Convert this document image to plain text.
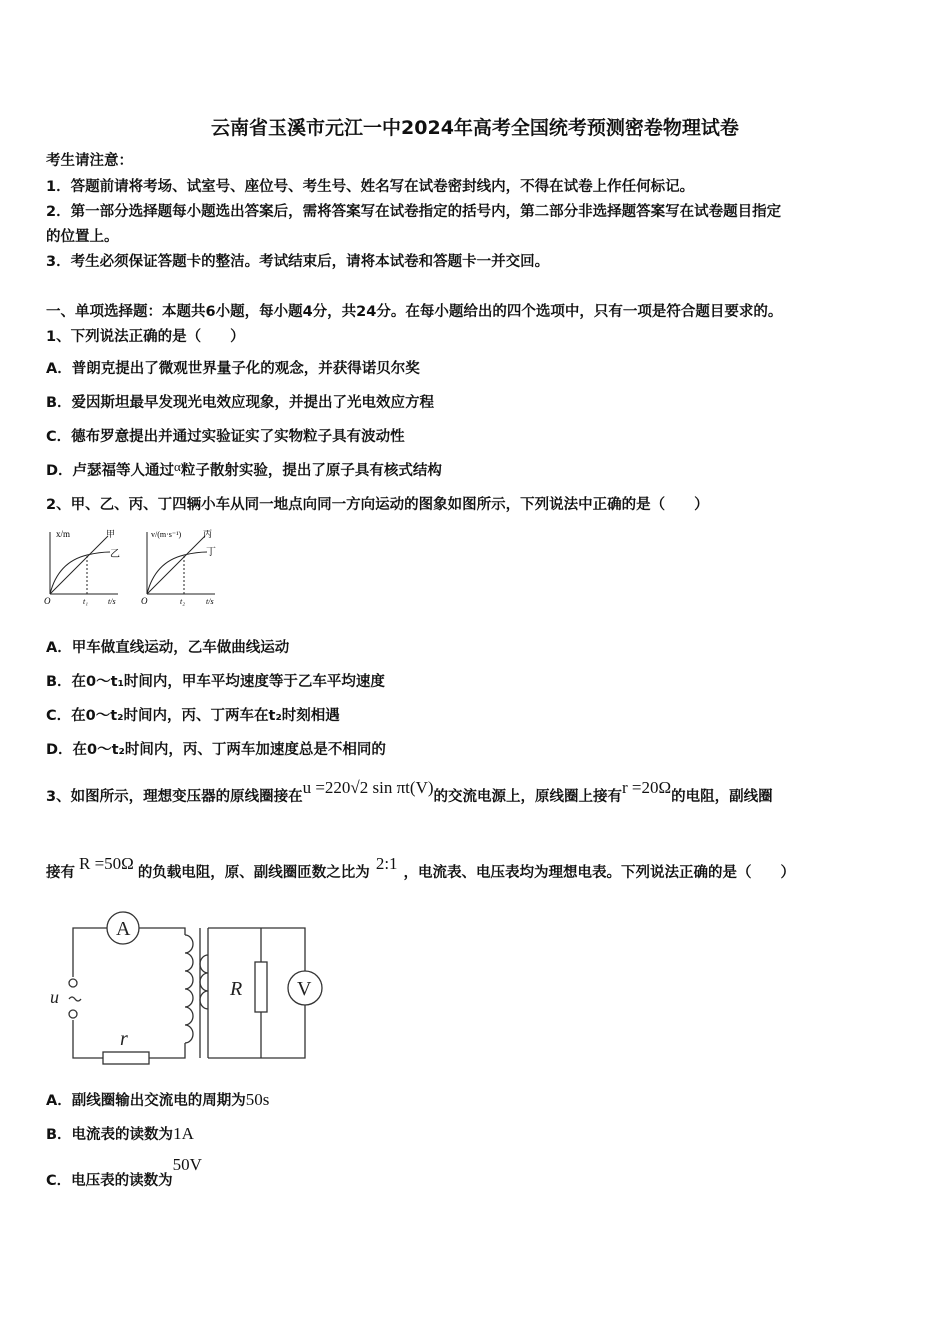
云南省玉溪市元江一中2024年高考全国统考预测密卷物理试卷
考生请注意：
1．答题前请将考场、试室号、座位号、考生号、姓名写在试卷密封线内，不得在试卷上作任何标记。
2．第一部分选择题每小题选出答案后，需将答案写在试卷指定的括号内，第二部分非选择题答案写在试卷题目指定
的位置上。
3．考生必须保证答题卡的整洁。考试结束后，请将本试卷和答题卡一并交回。
一、单项选择题：本题共6小题，每小题4分，共24分。在每小题给出的四个选项中，只有一项是符合题目要求的。
1、下列说法正确的是（　　）
A．普朗克提出了微观世界量子化的观念，并获得诺贝尔奖
B．爱因斯坦最早发现光电效应现象，并提出了光电效应方程
C．德布罗意提出并通过实验证实了实物粒子具有波动性
D．卢瑟福等人通过α粒子散射实验，提出了原子具有核式结构
2、甲、乙、丙、丁四辆小车从同一地点向同一方向运动的图象如图所示，下列说法中正确的是（　　）
x/m	甲
乙
O	t₁ t/s
v/(m·s⁻¹) 丙
丁
O	t₂	t/s
A．甲车做直线运动，乙车做曲线运动
B．在0～t₁时间内，甲车平均速度等于乙车平均速度
C．在0～t₂时间内，丙、丁两车在t₂时刻相遇
D．在0～t₂时间内，丙、丁两车加速度总是不相同的
3、如图所示，理想变压器的原线圈接在u =220√2 sin πt(V)的交流电源上，原线圈上接有r =20Ω的电阻，副线圈
接有 R =50Ω 的负载电阻，原、副线圈匝数之比为 2:1 ，电流表、电压表均为理想电表。下列说法正确的是（　　）
A
V
R
r
u
A．副线圈输出交流电的周期为50s
B．电流表的读数为1A
C．电压表的读数为50V
